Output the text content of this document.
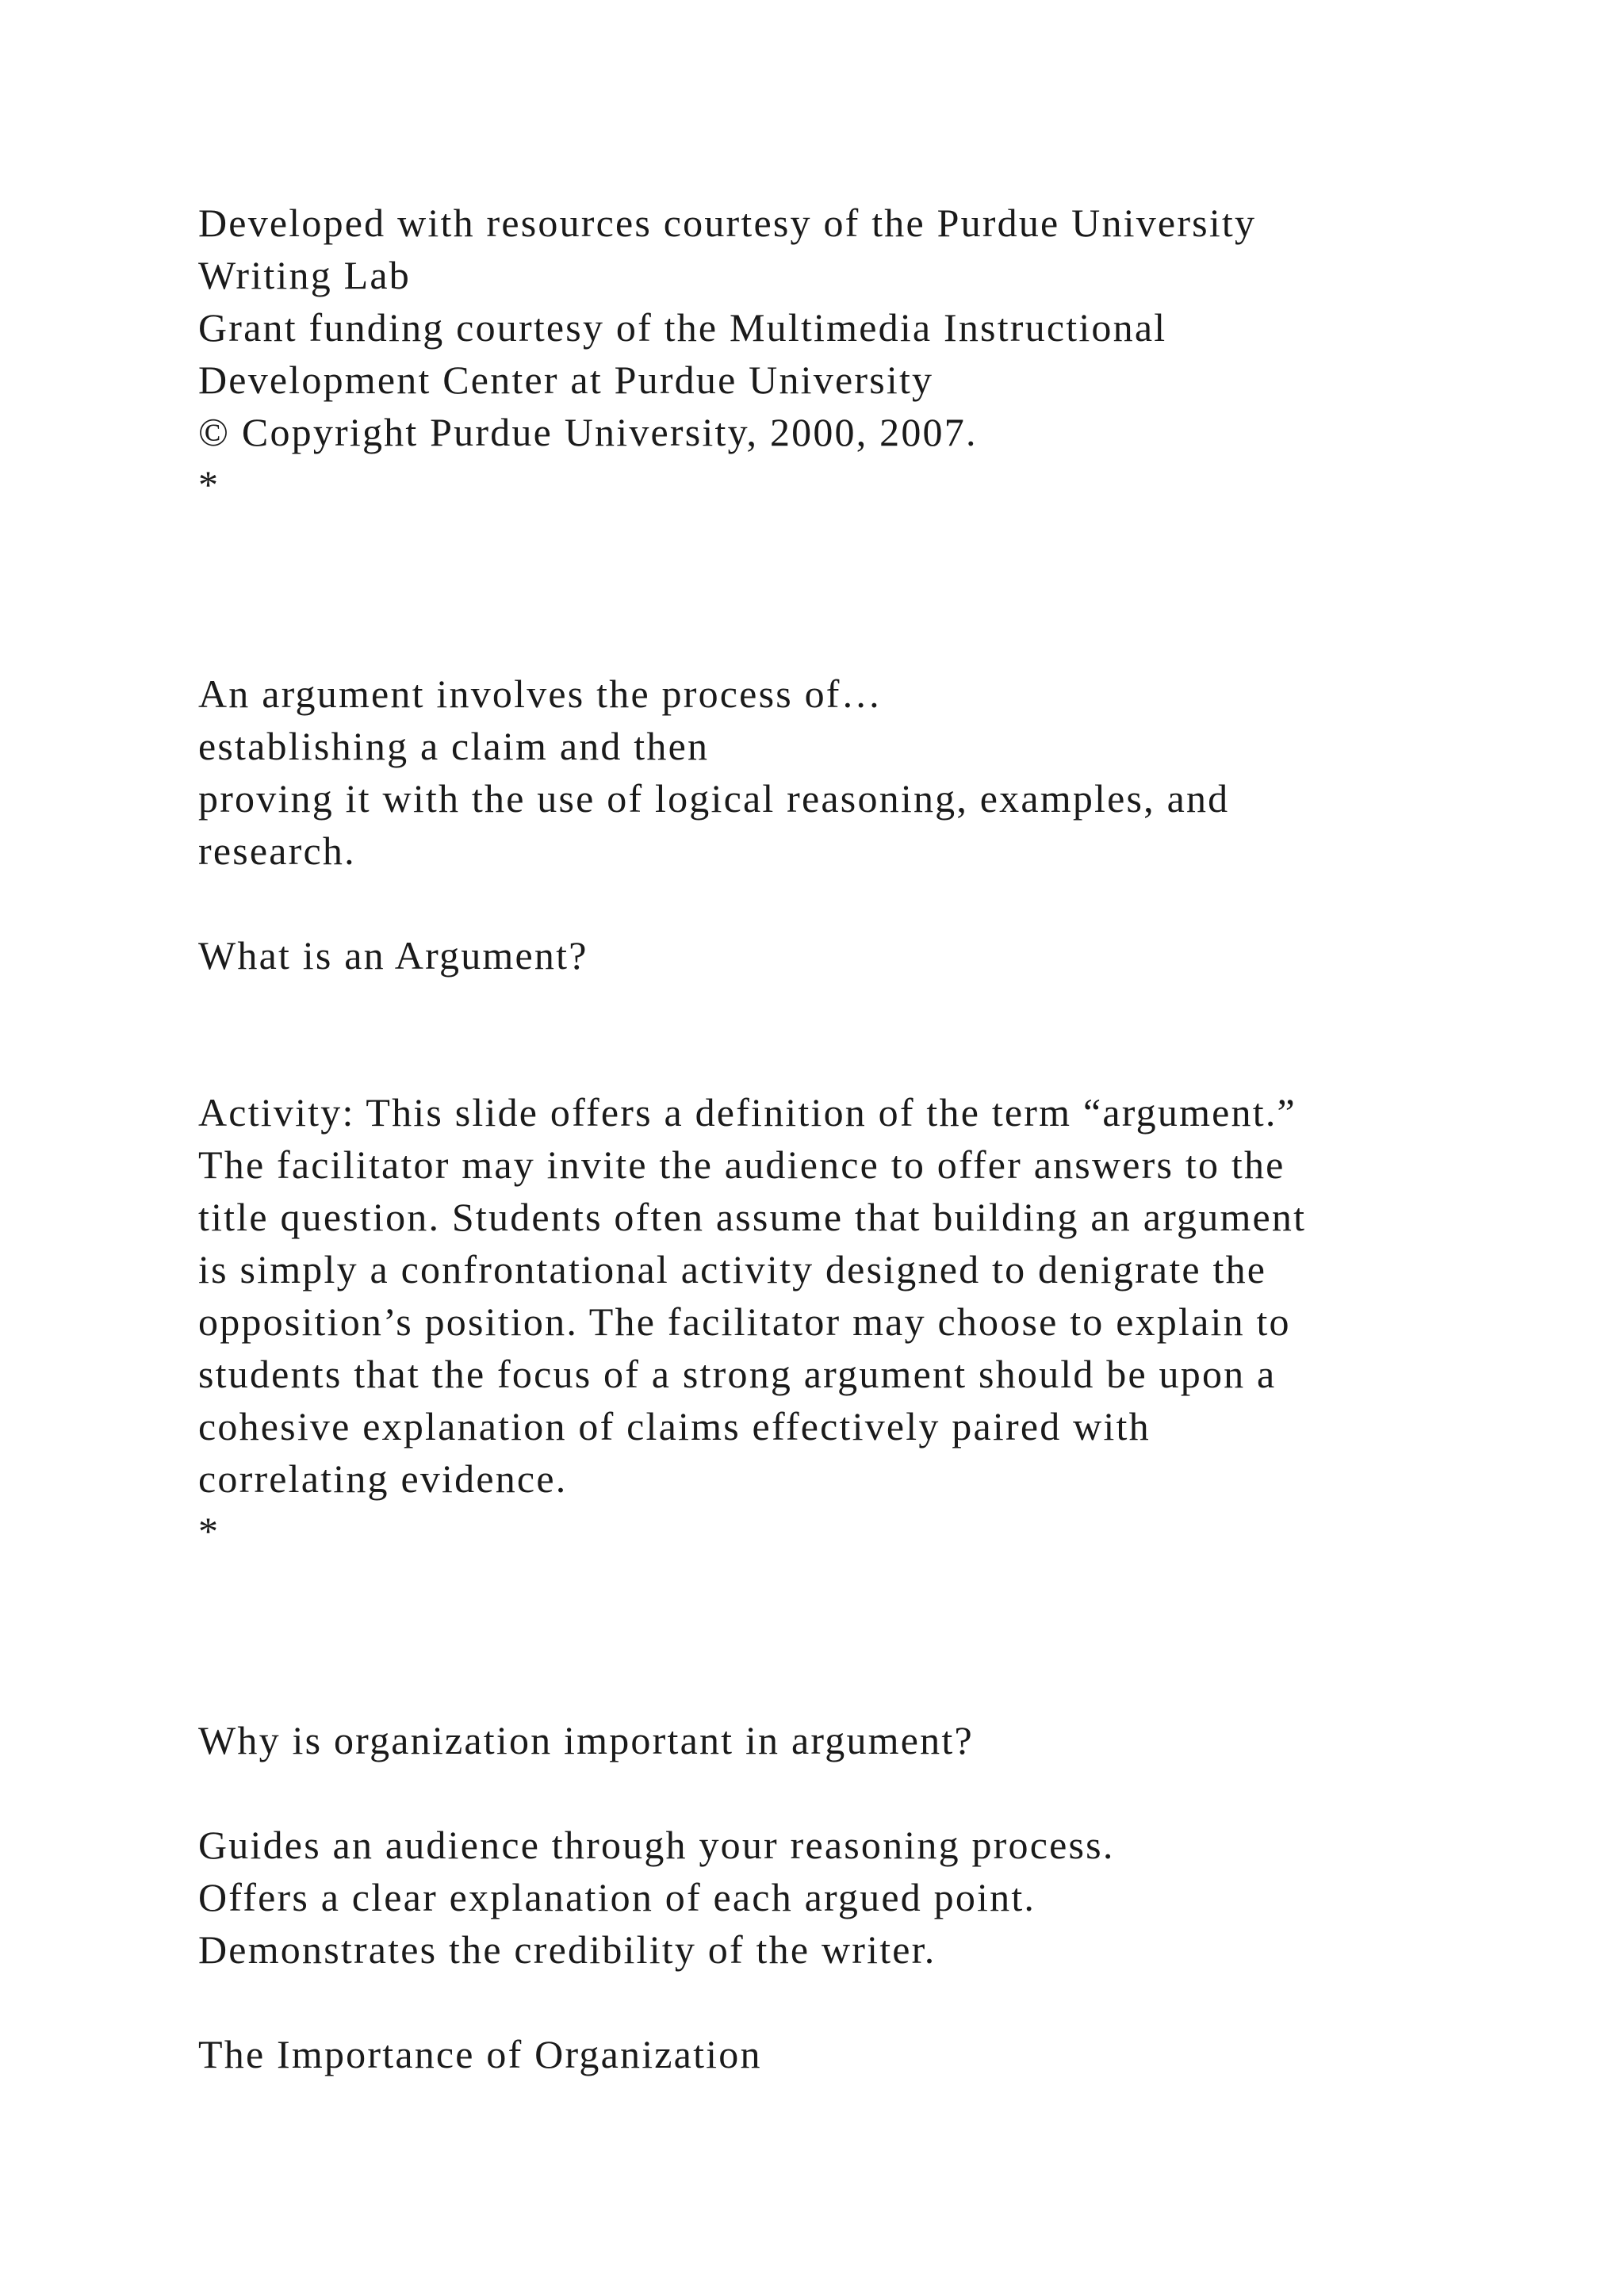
Developed with resources courtesy of the Purdue University

Writing Lab

Grant funding courtesy of the Multimedia Instructional

Development Center at Purdue University

© Copyright Purdue University, 2000, 2007.

*

An argument involves the process of…

establishing a claim and then

proving it with the use of logical reasoning, examples, and

research.

What is an Argument?

Activity: This slide offers a definition of the term “argument.”

The facilitator may invite the audience to offer answers to the

title question. Students often assume that building an argument

is simply a confrontational activity designed to denigrate the

opposition’s position. The facilitator may choose to explain to

students that the focus of a strong argument should be upon a

cohesive explanation of claims effectively paired with

correlating evidence.

*

Why is organization important in argument?

Guides an audience through your reasoning process.

Offers a clear explanation of each argued point.

Demonstrates the credibility of the writer.

The Importance of Organization
